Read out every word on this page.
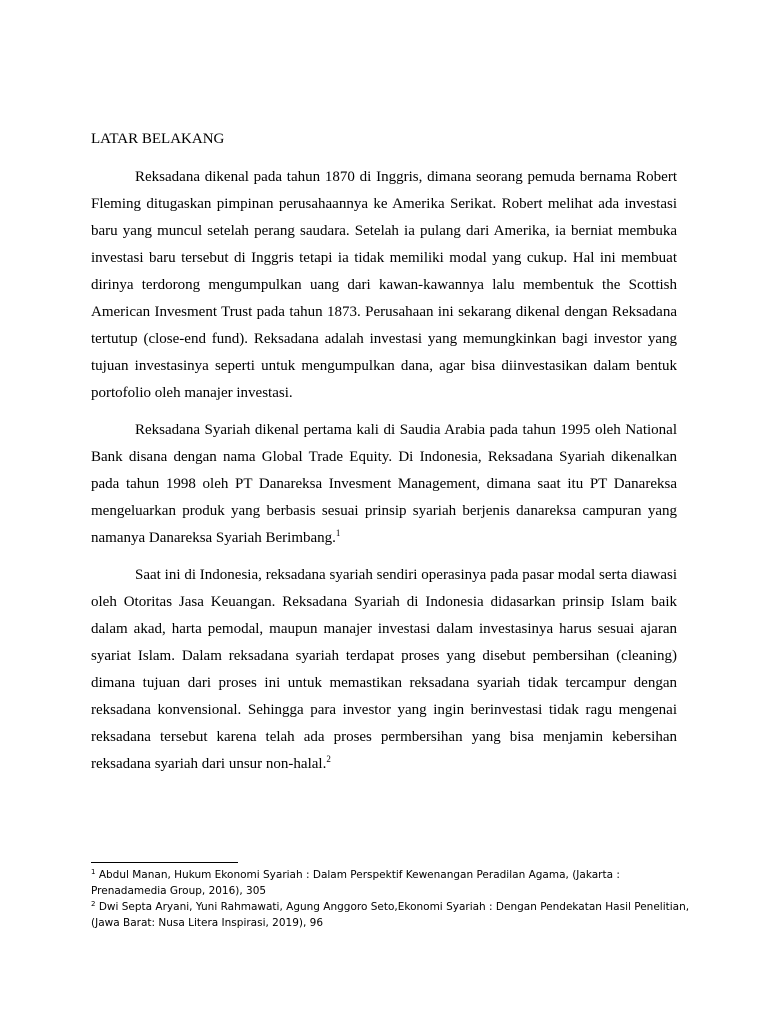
LATAR BELAKANG

Reksadana dikenal pada tahun 1870 di Inggris, dimana seorang pemuda bernama Robert Fleming ditugaskan pimpinan perusahaannya ke Amerika Serikat. Robert melihat ada investasi baru yang muncul setelah perang saudara. Setelah ia pulang dari Amerika, ia berniat membuka investasi baru tersebut di Inggris tetapi ia tidak memiliki modal yang cukup. Hal ini membuat dirinya terdorong mengumpulkan uang dari kawan-kawannya lalu membentuk the Scottish American Invesment Trust pada tahun 1873. Perusahaan ini sekarang dikenal dengan Reksadana tertutup (close-end fund). Reksadana adalah investasi yang memungkinkan bagi investor yang tujuan investasinya seperti untuk mengumpulkan dana, agar bisa diinvestasikan dalam bentuk portofolio oleh manajer investasi.

Reksadana Syariah dikenal pertama kali di Saudia Arabia pada tahun 1995 oleh National Bank disana dengan nama Global Trade Equity. Di Indonesia, Reksadana Syariah dikenalkan pada tahun 1998 oleh PT Danareksa Invesment Management, dimana saat itu PT Danareksa mengeluarkan produk yang berbasis sesuai prinsip syariah berjenis danareksa campuran yang namanya Danareksa Syariah Berimbang.$^1$

Saat ini di Indonesia, reksadana syariah sendiri operasinya pada pasar modal serta diawasi oleh Otoritas Jasa Keuangan. Reksadana Syariah di Indonesia didasarkan prinsip Islam baik dalam akad, harta pemodal, maupun manajer investasi dalam investasinya harus sesuai ajaran syariat Islam. Dalam reksadana syariah terdapat proses yang disebut pembersihan (cleaning) dimana tujuan dari proses ini untuk memastikan reksadana syariah tidak tercampur dengan reksadana konvensional. Sehingga para investor yang ingin berinvestasi tidak ragu mengenai reksadana tersebut karena telah ada proses permbersihan yang bisa menjamin kebersihan reksadana syariah dari unsur non-halal.$^2$

$^1$ Abdul Manan, Hukum Ekonomi Syariah : Dalam Perspektif Kewenangan Peradilan Agama, (Jakarta : Prenadamedia Group, 2016), 305

$^2$ Dwi Septa Aryani, Yuni Rahmawati, Agung Anggoro Seto,Ekonomi Syariah : Dengan Pendekatan Hasil Penelitian, (Jawa Barat: Nusa Litera Inspirasi, 2019), 96
